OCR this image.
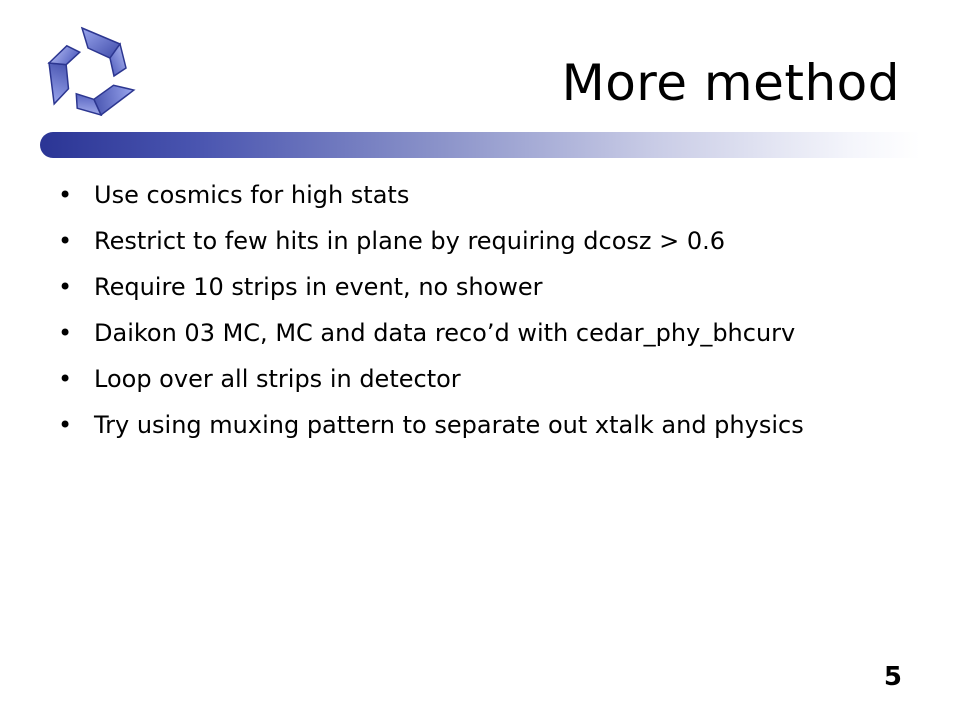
More method
• Use cosmics for high stats
• Restrict to few hits in plane by requiring dcosz > 0.6
• Require 10 strips in event, no shower
• Daikon 03 MC, MC and data reco’d with cedar_phy_bhcurv
• Loop over all strips in detector
• Try using muxing pattern to separate out xtalk and physics
5
